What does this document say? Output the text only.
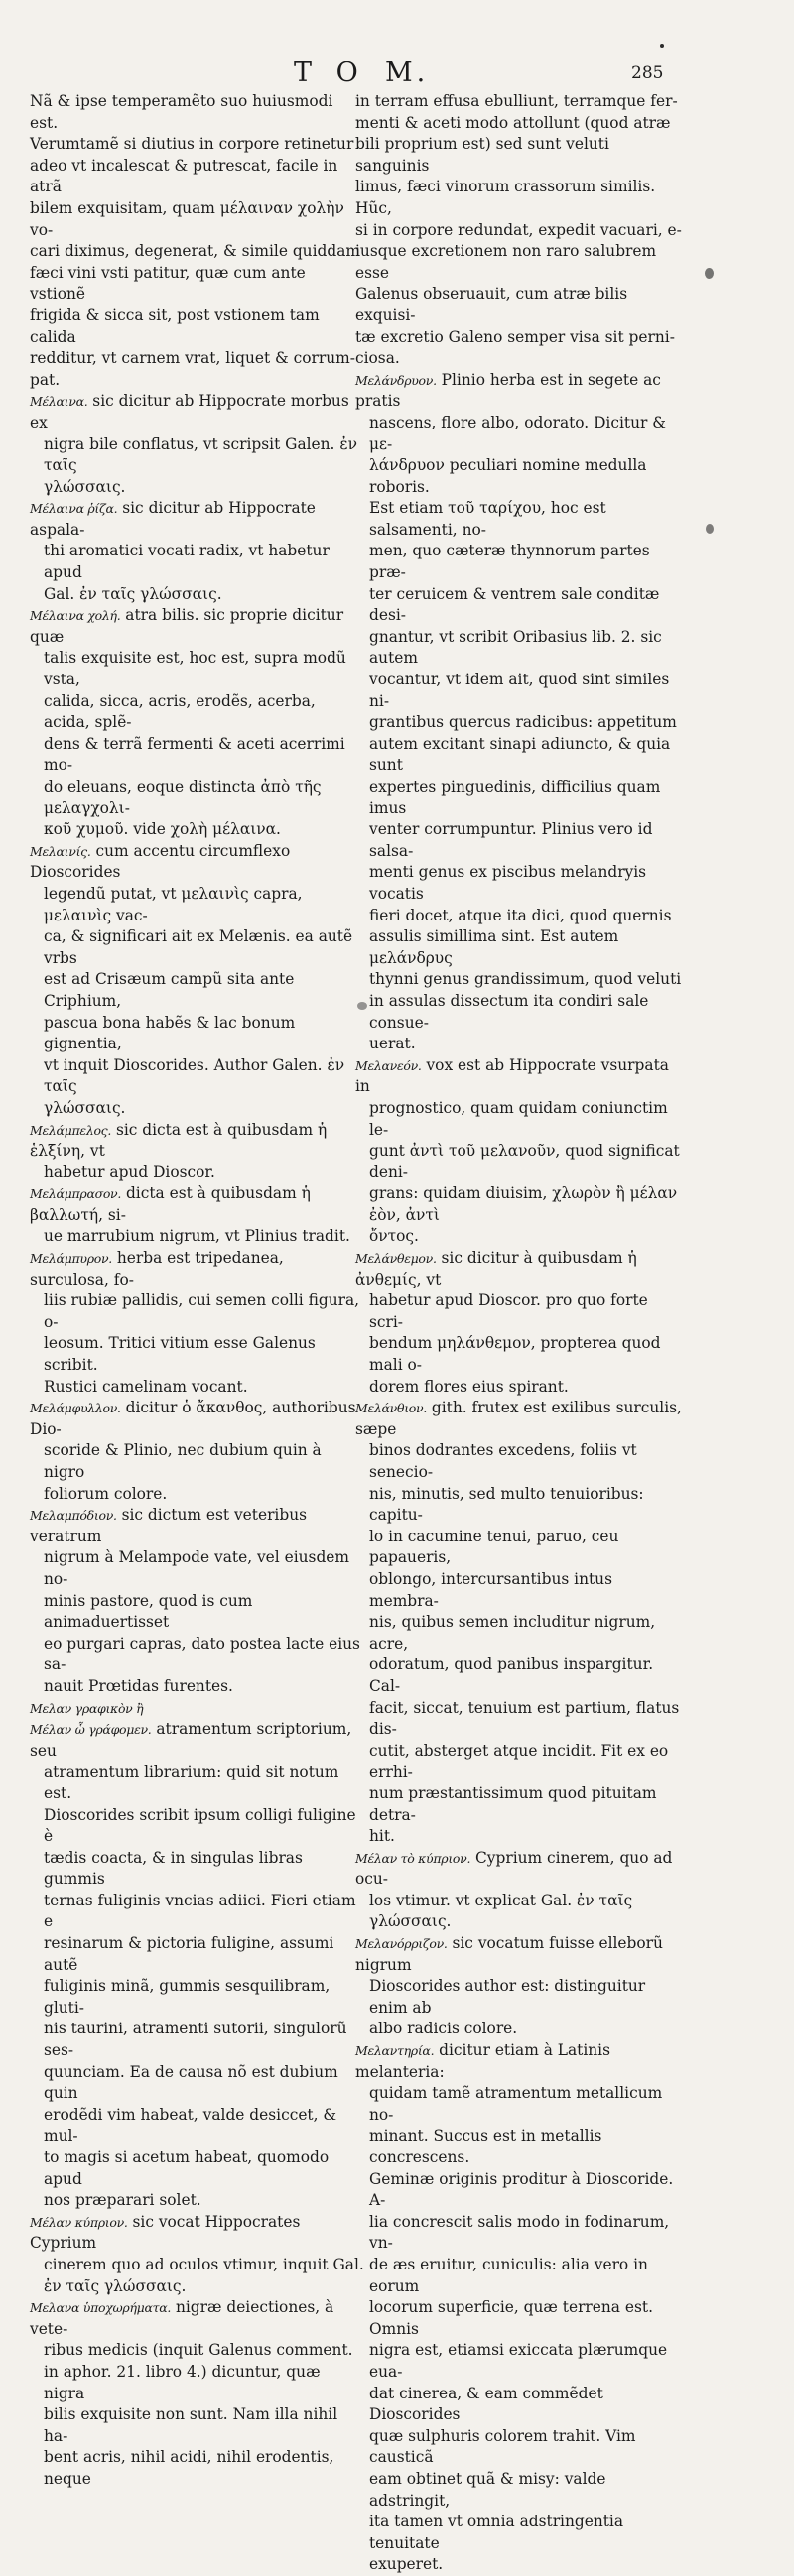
T O M.	285

Nã & ipse temperamẽto suo huiusmodi est.

Verumtamẽ si diutius in corpore retinetur

adeo vt incalescat & putrescat, facile in atrã

bilem exquisitam, quam μέλαιναν χολὴν vo-

cari diximus, degenerat, & simile quiddam

fæci vini vsti patitur, quæ cum ante vstionẽ

frigida & sicca sit, post vstionem tam calida

redditur, vt carnem vrat, liquet & corrum-

pat.

Μέλαινα. sic dicitur ab Hippocrate morbus ex

nigra bile conflatus, vt scripsit Galen. ἐν ταῖς

γλώσσαις.

Μέλαινα ῥίζα. sic dicitur ab Hippocrate aspala-

thi aromatici vocati radix, vt habetur apud

Gal. ἐν ταῖς γλώσσαις.

Μέλαινα χολή. atra bilis. sic proprie dicitur quæ

talis exquisite est, hoc est, supra modũ vsta,

calida, sicca, acris, erodẽs, acerba, acida, splẽ-

dens & terrã fermenti & aceti acerrimi mo-

do eleuans, eoque distincta ἀπὸ τῆς μελαγχολι-

κοῦ χυμοῦ. vide χολὴ μέλαινα.

Μελαινίς. cum accentu circumflexo Dioscorides

legendũ putat, vt μελαινὶς capra, μελαινὶς vac-

ca, & significari ait ex Melænis. ea autẽ vrbs

est ad Crisæum campũ sita ante Criphium,

pascua bona habẽs & lac bonum gignentia,

vt inquit Dioscorides. Author Galen. ἐν ταῖς

γλώσσαις.

Μελάμπελος. sic dicta est à quibusdam ἡ ἑλξίνη, vt

habetur apud Dioscor.

Μελάμπρασον. dicta est à quibusdam ἡ βαλλωτή, si-

ue marrubium nigrum, vt Plinius tradit.

Μελάμπυρον. herba est tripedanea, surculosa, fo-

liis rubiæ pallidis, cui semen colli figura, o-

leosum. Tritici vitium esse Galenus scribit.

Rustici camelinam vocant.

Μελάμφυλλον. dicitur ὁ ἄκανθος, authoribus Dio-

scoride & Plinio, nec dubium quin à nigro

foliorum colore.

Μελαμπόδιον. sic dictum est veteribus veratrum

nigrum à Melampode vate, vel eiusdem no-

minis pastore, quod is cum animaduertisset

eo purgari capras, dato postea lacte eius sa-

nauit Prœtidas furentes.

Μελαν γραφικὸν ἢ

Μέλαν ὧ γράφομεν. atramentum scriptorium, seu

atramentum librarium: quid sit notum est.

Dioscorides scribit ipsum colligi fuligine è

tædis coacta, & in singulas libras gummis

ternas fuliginis vncias adiici. Fieri etiam e

resinarum & pictoria fuligine, assumi autẽ

fuliginis minã, gummis sesquilibram, gluti-

nis taurini, atramenti sutorii, singulorũ ses-

quunciam. Ea de causa nõ est dubium quin

erodẽdi vim habeat, valde desiccet, & mul-

to magis si acetum habeat, quomodo apud

nos præparari solet.

Μέλαν κύπριον. sic vocat Hippocrates Cyprium

cinerem quo ad oculos vtimur, inquit Gal.

ἐν ταῖς γλώσσαις.

Μελανα ὑποχωρήματα. nigræ deiectiones, à vete-

ribus medicis (inquit Galenus comment.

in aphor. 21. libro 4.) dicuntur, quæ nigra

bilis exquisite non sunt. Nam illa nihil ha-

bent acris, nihil acidi, nihil erodentis, neque

in terram effusa ebulliunt, terramque fer-

menti & aceti modo attollunt (quod atræ

bili proprium est) sed sunt veluti sanguinis

limus, fæci vinorum crassorum similis. Hũc,

si in corpore redundat, expedit vacuari, e-

iusque excretionem non raro salubrem esse

Galenus obseruauit, cum atræ bilis exquisi-

tæ excretio Galeno semper visa sit perni-

ciosa.

Μελάνδρυον. Plinio herba est in segete ac pratis

nascens, flore albo, odorato. Dicitur & με-

λάνδρυον peculiari nomine medulla roboris.

Est etiam τοῦ ταρίχου, hoc est salsamenti, no-

men, quo cæteræ thynnorum partes præ-

ter ceruicem & ventrem sale conditæ desi-

gnantur, vt scribit Oribasius lib. 2. sic autem

vocantur, vt idem ait, quod sint similes ni-

grantibus quercus radicibus: appetitum

autem excitant sinapi adiuncto, & quia sunt

expertes pinguedinis, difficilius quam imus

venter corrumpuntur. Plinius vero id salsa-

menti genus ex piscibus melandryis vocatis

fieri docet, atque ita dici, quod quernis

assulis simillima sint. Est autem μελάνδρυς

thynni genus grandissimum, quod veluti

in assulas dissectum ita condiri sale consue-

uerat.

Μελανεόν. vox est ab Hippocrate vsurpata in

prognostico, quam quidam coniunctim le-

gunt ἀντὶ τοῦ μελανοῦν, quod significat deni-

grans: quidam diuisim, χλωρὸν ἢ μέλαν ἐὸν, ἀντὶ

ὄντος.

Μελάνθεμον. sic dicitur à quibusdam ἡ ἀνθεμίς, vt

habetur apud Dioscor. pro quo forte scri-

bendum μηλάνθεμον, propterea quod mali o-

dorem flores eius spirant.

Μελάνθιον. gith. frutex est exilibus surculis, sæpe

binos dodrantes excedens, foliis vt senecio-

nis, minutis, sed multo tenuioribus: capitu-

lo in cacumine tenui, paruo, ceu papaueris,

oblongo, intercursantibus intus membra-

nis, quibus semen includitur nigrum, acre,

odoratum, quod panibus inspargitur. Cal-

facit, siccat, tenuium est partium, flatus dis-

cutit, absterget atque incidit. Fit ex eo errhi-

num præstantissimum quod pituitam detra-

hit.

Μέλαν τὸ κύπριον. Cyprium cinerem, quo ad ocu-

los vtimur. vt explicat Gal. ἐν ταῖς γλώσσαις.

Μελανόρριζον. sic vocatum fuisse elleborũ nigrum

Dioscorides author est: distinguitur enim ab

albo radicis colore.

Μελαντηρία. dicitur etiam à Latinis melanteria:

quidam tamẽ atramentum metallicum no-

minant. Succus est in metallis concrescens.

Geminæ originis proditur à Dioscoride. A-

lia concrescit salis modo in fodinarum, vn-

de æs eruitur, cuniculis: alia vero in eorum

locorum superficie, quæ terrena est. Omnis

nigra est, etiamsi exiccata plærumque eua-

dat cinerea, & eam commẽdet Dioscorides

quæ sulphuris colorem trahit. Vim causticã

eam obtinet quã & misy: valde adstringit,

ita tamen vt omnia adstringentia tenuitate

exuperet.
